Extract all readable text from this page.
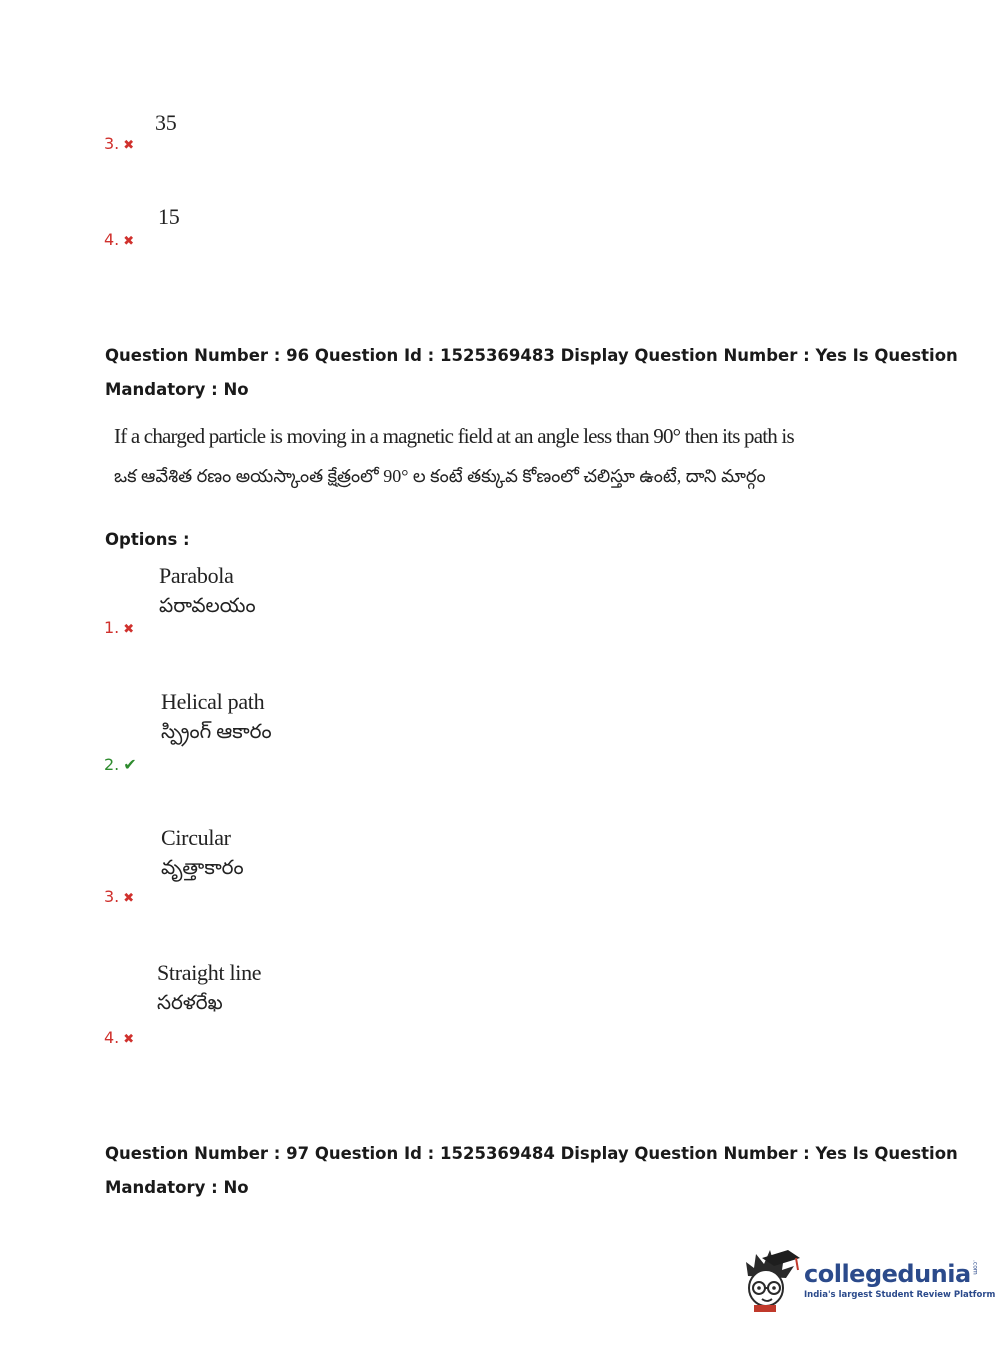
35
3. ✖
15
4. ✖
Question Number : 96 Question Id : 1525369483 Display Question Number : Yes Is Question
Mandatory : No
If a charged particle is moving in a magnetic field at an angle less than 90° then its path is
ఒక ఆవేశిత రణం అయస్కాంత క్షేత్రంలో 90° ల కంటే తక్కువ కోణంలో చలిస్తూ ఉంటే, దాని మార్గం
Options :
Parabola
పరావలయం
1. ✖
Helical path
స్ప్రింగ్ ఆకారం
2. ✔
Circular
వృత్తాకారం
3. ✖
Straight line
సరళరేఖ
4. ✖
Question Number : 97 Question Id : 1525369484 Display Question Number : Yes Is Question
Mandatory : No
collegedunia .com
India's largest Student Review Platform
